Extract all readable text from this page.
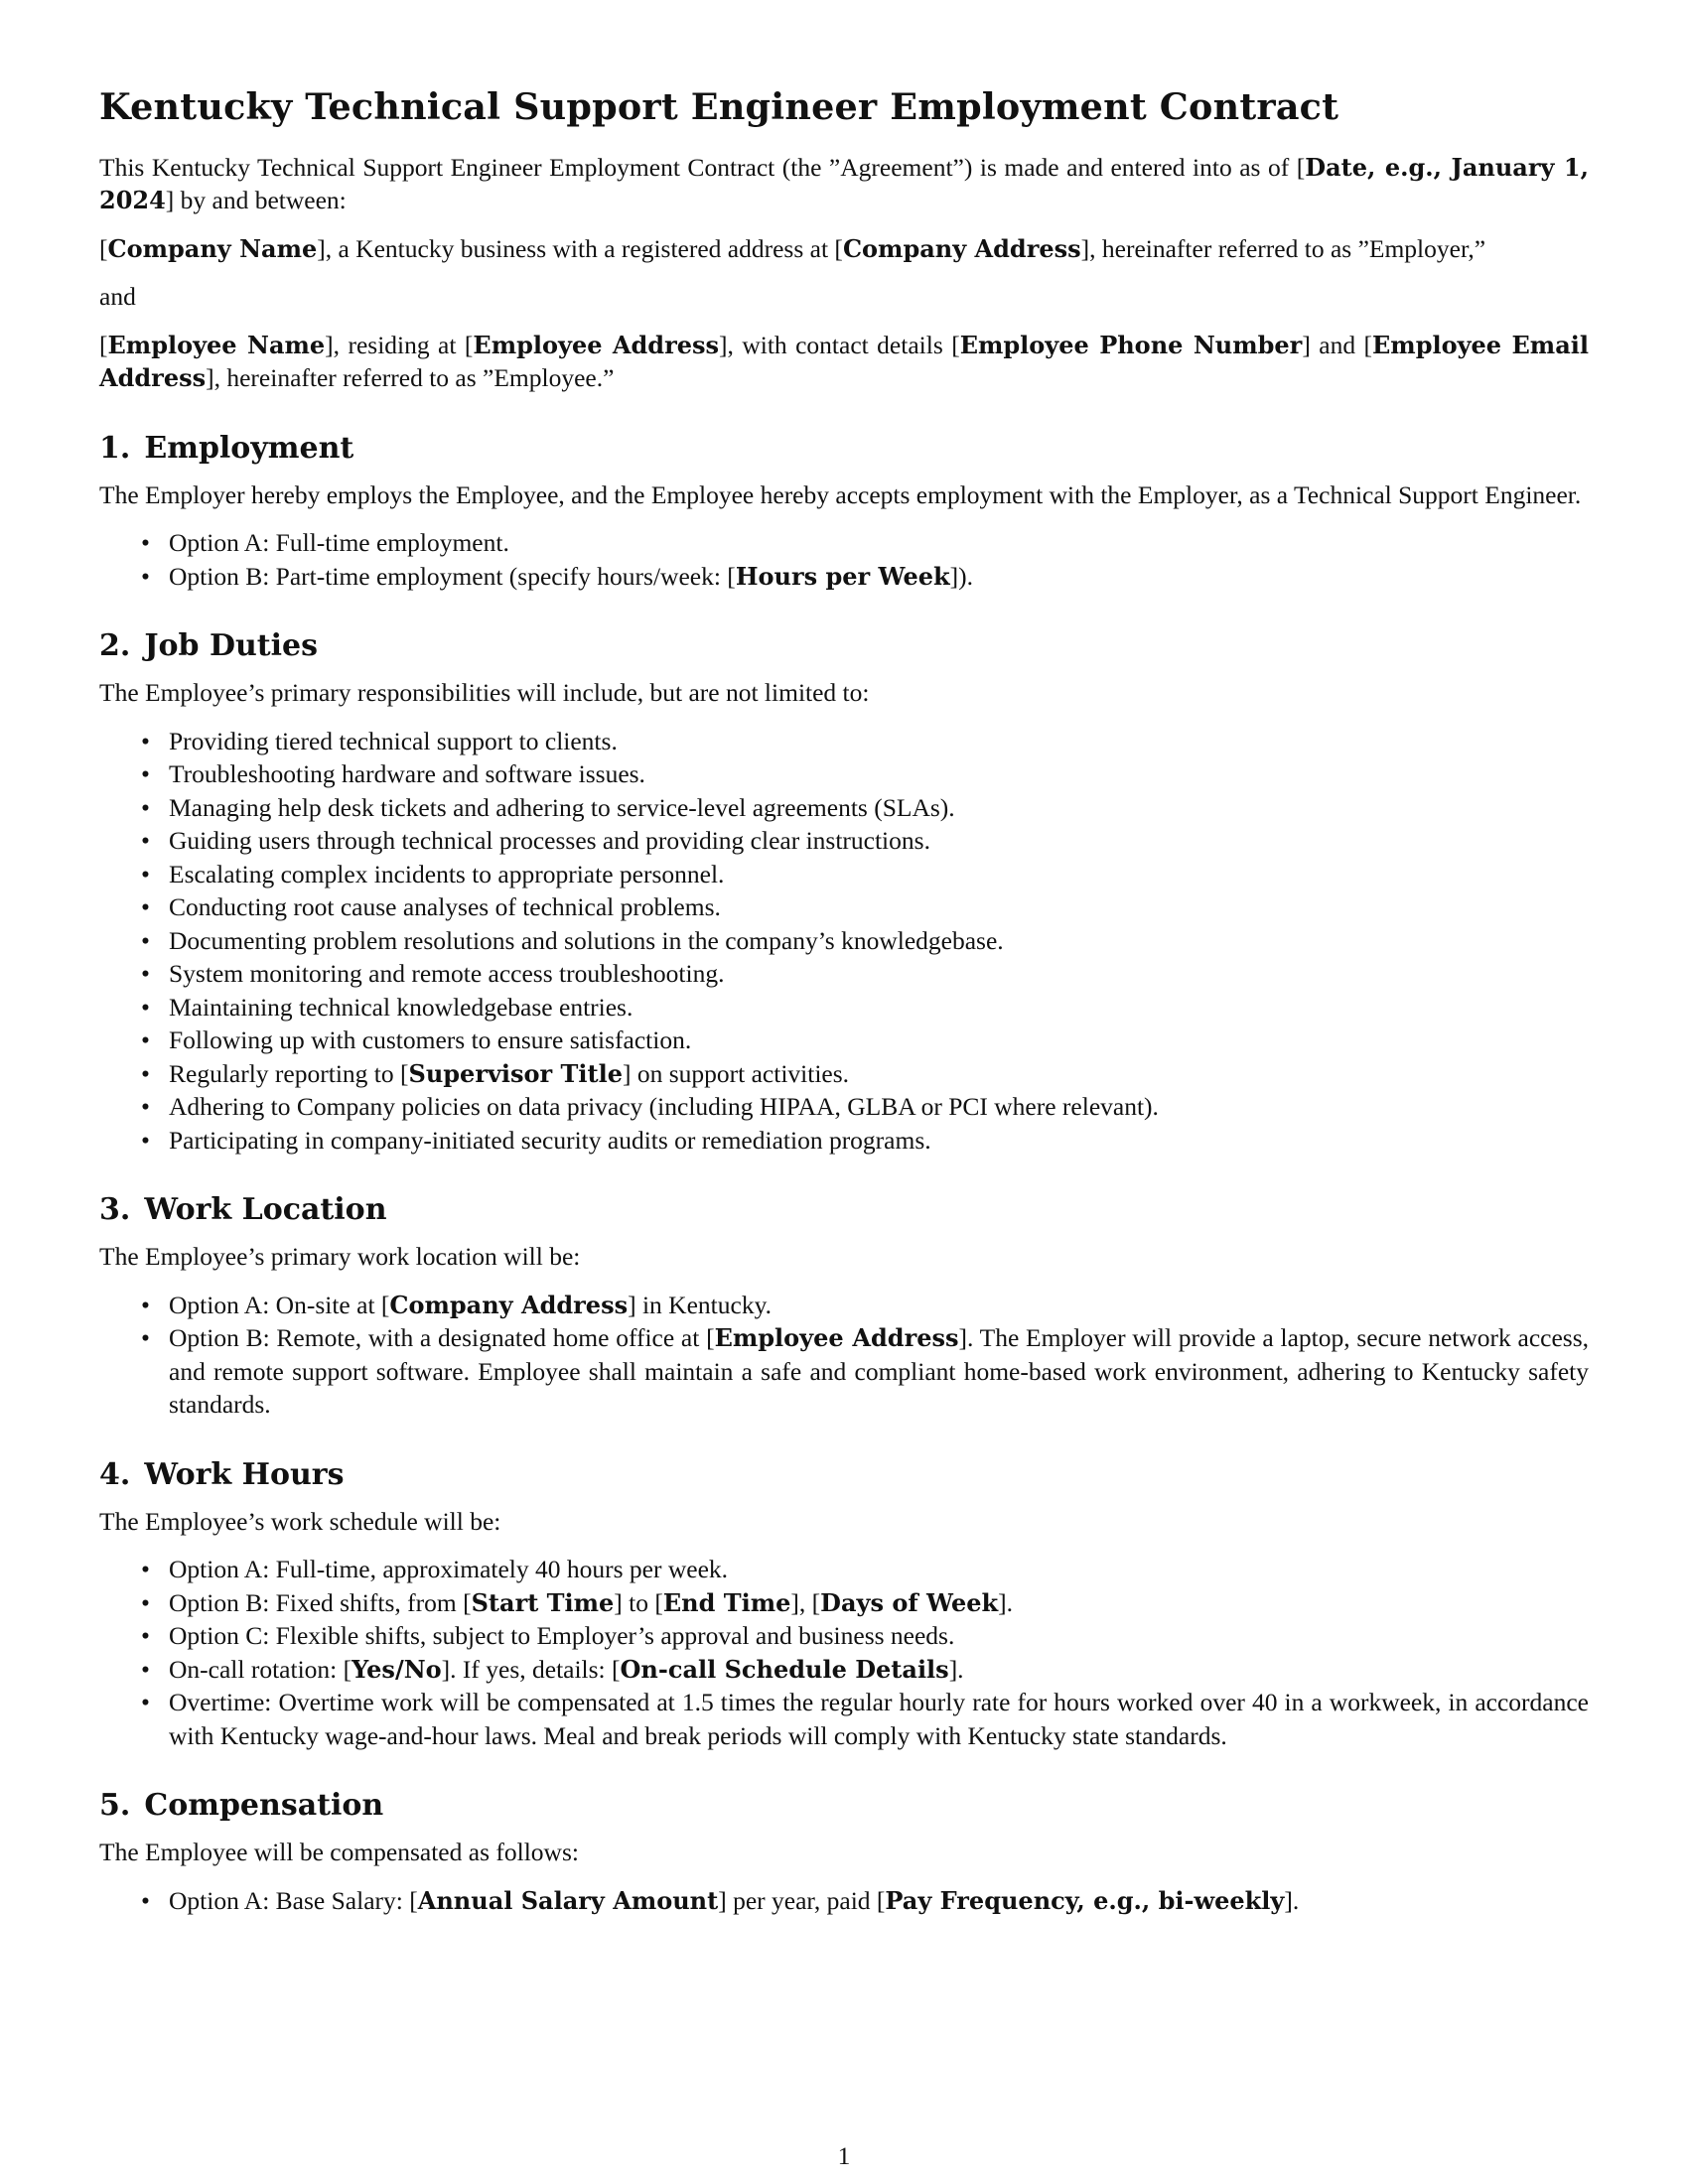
Kentucky Technical Support Engineer Employment Contract

This Kentucky Technical Support Engineer Employment Contract (the ”Agreement”) is made and entered into as of [Date, e.g., January 1, 2024] by and between:

[Company Name], a Kentucky business with a registered address at [Company Address], hereinafter referred to as ”Employer,”

and

[Employee Name], residing at [Employee Address], with contact details [Employee Phone Number] and [Employee Email Address], hereinafter referred to as ”Employee.”

1. Employment

The Employer hereby employs the Employee, and the Employee hereby accepts employment with the Employer, as a Technical Support Engineer.

• Option A: Full-time employment.
• Option B: Part-time employment (specify hours/week: [Hours per Week]).
2. Job Duties

The Employee’s primary responsibilities will include, but are not limited to:

• Providing tiered technical support to clients.
• Troubleshooting hardware and software issues.
• Managing help desk tickets and adhering to service-level agreements (SLAs).
• Guiding users through technical processes and providing clear instructions.
• Escalating complex incidents to appropriate personnel.
• Conducting root cause analyses of technical problems.
• Documenting problem resolutions and solutions in the company’s knowledgebase.
• System monitoring and remote access troubleshooting.
• Maintaining technical knowledgebase entries.
• Following up with customers to ensure satisfaction.
• Regularly reporting to [Supervisor Title] on support activities.
• Adhering to Company policies on data privacy (including HIPAA, GLBA or PCI where relevant).
• Participating in company-initiated security audits or remediation programs.
3. Work Location

The Employee’s primary work location will be:

• Option A: On-site at [Company Address] in Kentucky.
• Option B: Remote, with a designated home office at [Employee Address]. The Employer will provide a laptop, secure network access, and remote support software. Employee shall maintain a safe and compliant home-based work environment, adhering to Kentucky safety standards.
4. Work Hours

The Employee’s work schedule will be:

• Option A: Full-time, approximately 40 hours per week.
• Option B: Fixed shifts, from [Start Time] to [End Time], [Days of Week].
• Option C: Flexible shifts, subject to Employer’s approval and business needs.
• On-call rotation: [Yes/No]. If yes, details: [On-call Schedule Details].
• Overtime: Overtime work will be compensated at 1.5 times the regular hourly rate for hours worked over 40 in a workweek, in accordance with Kentucky wage-and-hour laws. Meal and break periods will comply with Kentucky state standards.
5. Compensation

The Employee will be compensated as follows:

• Option A: Base Salary: [Annual Salary Amount] per year, paid [Pay Frequency, e.g., bi-weekly].
1
